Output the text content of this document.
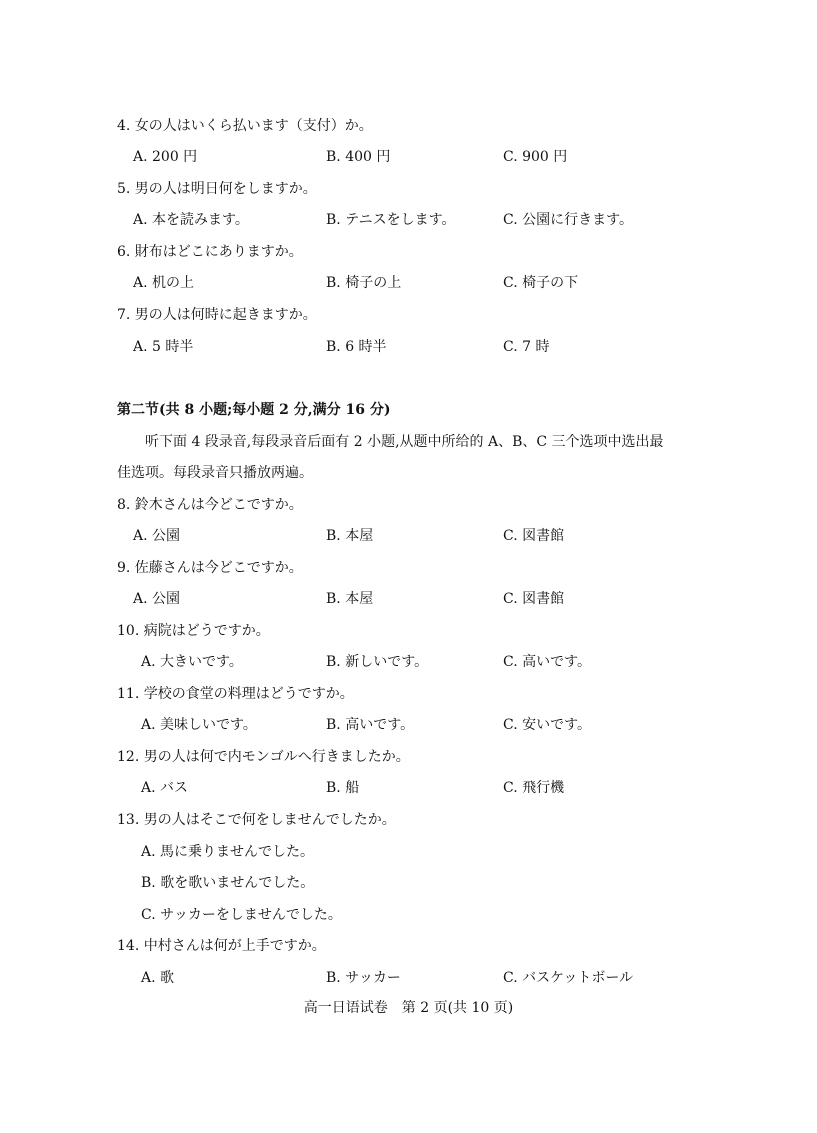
4. 女の人はいくら払います（支付）か。
A. 200 円	B. 400 円	C. 900 円
5. 男の人は明日何をしますか。
A. 本を読みます。	B. テニスをします。	C. 公園に行きます。
6. 財布はどこにありますか。
A. 机の上	B. 椅子の上	C. 椅子の下
7. 男の人は何時に起きますか。
A. 5 時半	B. 6 時半	C. 7 時
第二节(共 8 小题;每小题 2 分,满分 16 分)
听下面 4 段录音,每段录音后面有 2 小题,从题中所给的 A、B、C 三个选项中选出最
佳选项。每段录音只播放两遍。
8. 鈴木さんは今どこですか。
A. 公園	B. 本屋	C. 図書館
9. 佐藤さんは今どこですか。
A. 公園	B. 本屋	C. 図書館
10. 病院はどうですか。
A. 大きいです。	B. 新しいです。	C. 高いです。
11. 学校の食堂の料理はどうですか。
A. 美味しいです。	B. 高いです。	C. 安いです。
12. 男の人は何で内モンゴルへ行きましたか。
A. バス	B. 船	C. 飛行機
13. 男の人はそこで何をしませんでしたか。
A. 馬に乗りませんでした。
B. 歌を歌いませんでした。
C. サッカーをしませんでした。
14. 中村さんは何が上手ですか。
A. 歌	B. サッカー	C. バスケットボール
高一日语试卷　第 2 页(共 10 页)
